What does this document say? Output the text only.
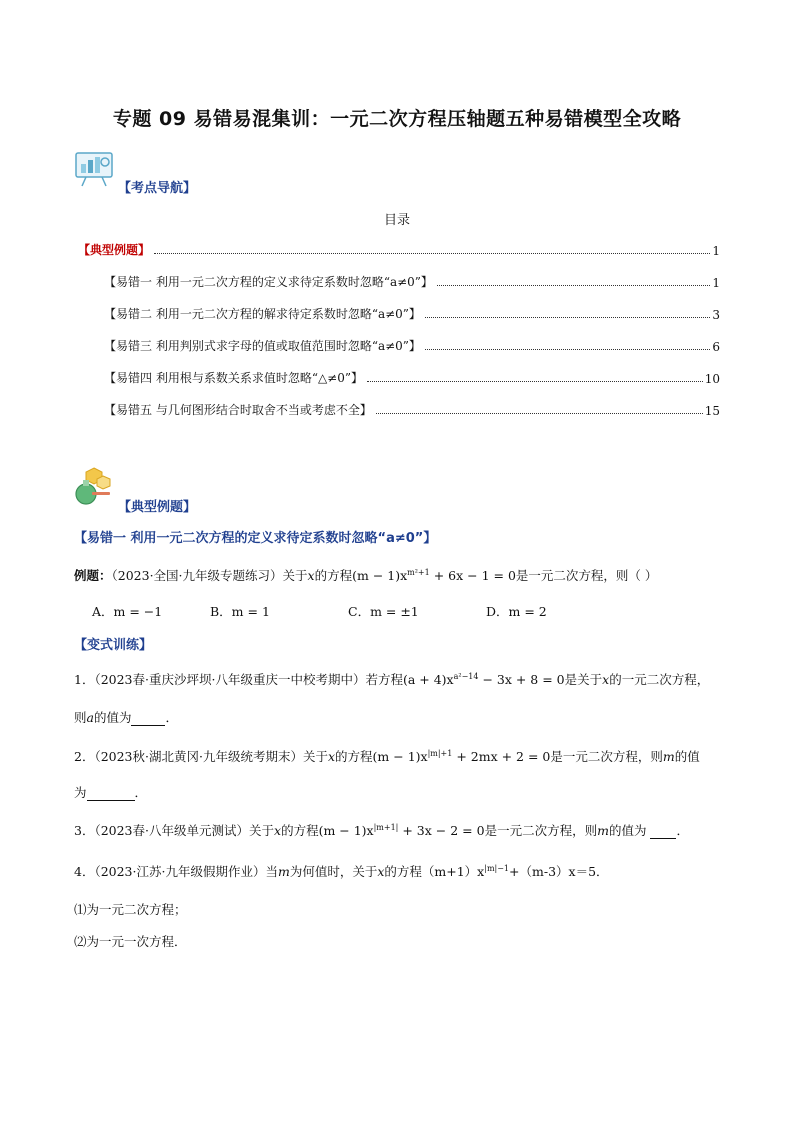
专题 09 易错易混集训：一元二次方程压轴题五种易错模型全攻略
【考点导航】
目录
【典型例题】	1
【易错一 利用一元二次方程的定义求待定系数时忽略“a≠0”】	1
【易错二 利用一元二次方程的解求待定系数时忽略“a≠0”】	3
【易错三 利用判别式求字母的值或取值范围时忽略“a≠0”】	6
【易错四 利用根与系数关系求值时忽略“△≠0”】	10
【易错五 与几何图形结合时取舍不当或考虑不全】	15
【典型例题】
【易错一 利用一元二次方程的定义求待定系数时忽略“a≠0”】
例题：（2023·全国·九年级专题练习）关于x的方程$(m - 1)x^{m^2+1} + 6x - 1 = 0$是一元二次方程，则（ ）
A．m = −1	B．m = 1	C．m = ±1	D．m = 2
【变式训练】
1．（2023春·重庆沙坪坝·八年级重庆一中校考期中）若方程$(a + 4)x^{a^2-14} - 3x + 8 = 0$是关于x的一元二次方程，
则a的值为	．
2．（2023秋·湖北黄冈·九年级统考期末）关于x的方程$(m - 1)x^{|m|+1} + 2mx + 2 = 0$是一元二次方程，则m的值
为	．
3．（2023春·八年级单元测试）关于x的方程$(m - 1)x^{|m+1|} + 3x - 2 = 0$是一元二次方程，则m的值为 ．
4．（2023·江苏·九年级假期作业）当m为何值时，关于x的方程$(m+1)x^{|m|-1}+(m-3)x=5$．
⑴为一元二次方程；
⑵为一元一次方程．
